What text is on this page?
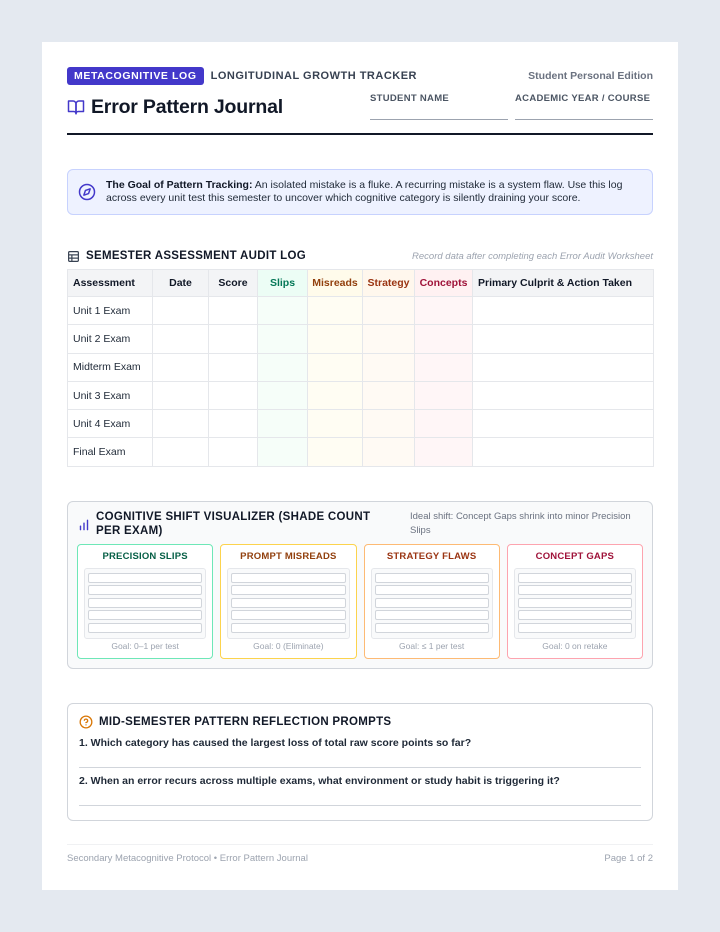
METACOGNITIVE LOG	LONGITUDINAL GROWTH TRACKER	Student Personal Edition
Error Pattern Journal	STUDENT NAME	ACADEMIC YEAR / COURSE

The Goal of Pattern Tracking: An isolated mistake is a fluke. A recurring mistake is a system flaw. Use this log across every unit test this semester to uncover which cognitive category is silently draining your score.

SEMESTER ASSESSMENT AUDIT LOG	Record data after completing each Error Audit Worksheet
Assessment	Date	Score	Slips	Misreads	Strategy	Concepts	Primary Culprit & Action Taken
Unit 1 Exam							
Unit 2 Exam							
Midterm Exam							
Unit 3 Exam							
Unit 4 Exam							
Final Exam							
COGNITIVE SHIFT VISUALIZER (SHADE COUNT PER EXAM)
Ideal shift: Concept Gaps shrink into minor Precision Slips
PRECISION SLIPS
Goal: 0–1 per test
PROMPT MISREADS
Goal: 0 (Eliminate)
STRATEGY FLAWS
Goal: ≤ 1 per test
CONCEPT GAPS
Goal: 0 on retake
MID-SEMESTER PATTERN REFLECTION PROMPTS
1. Which category has caused the largest loss of total raw score points so far?
2. When an error recurs across multiple exams, what environment or study habit is triggering it?
Secondary Metacognitive Protocol • Error Pattern Journal	Page 1 of 2
